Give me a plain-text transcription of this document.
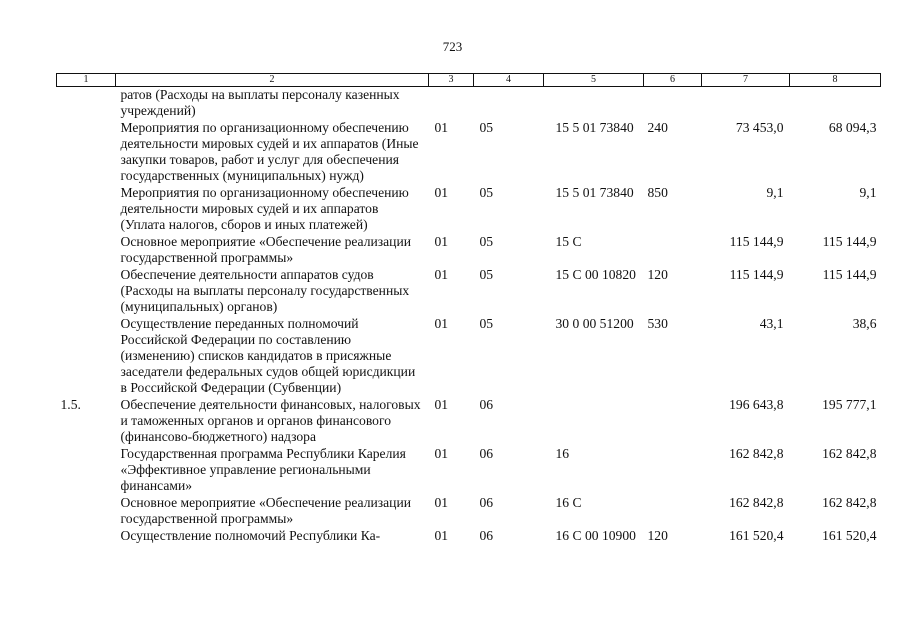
723
1	2	3	4	5	6	7	8
	ратов (Расходы на выплаты персоналу казенных учреждений)						
	Мероприятия по организационному обеспечению деятельности мировых судей и их аппаратов (Иные закупки товаров, работ и услуг для обеспечения государственных (муниципальных) нужд)	01	05	15 5 01 73840	240	73 453,0	68 094,3
	Мероприятия по организационному обеспечению деятельности мировых судей и их аппаратов (Уплата налогов, сборов и иных платежей)	01	05	15 5 01 73840	850	9,1	9,1
	Основное мероприятие «Обеспечение реализации государственной программы»	01	05	15 С		115 144,9	115 144,9
	Обеспечение деятельности аппаратов судов (Расходы на выплаты персоналу государственных (муниципальных) органов)	01	05	15 С 00 10820	120	115 144,9	115 144,9
	Осуществление переданных полномочий Российской Федерации по составлению (изменению) списков кандидатов в присяжные заседатели федеральных судов общей юрисдикции в Российской Федерации (Субвенции)	01	05	30 0 00 51200	530	43,1	38,6
1.5.	Обеспечение деятельности финансовых, налоговых и таможенных органов и органов финансового (финансово-бюджетного) надзора	01	06			196 643,8	195 777,1
	Государственная программа Республики Карелия «Эффективное управление региональными финансами»	01	06	16		162 842,8	162 842,8
	Основное мероприятие «Обеспечение реализации государственной программы»	01	06	16 С		162 842,8	162 842,8
	Осуществление полномочий Республики Ка-	01	06	16 С 00 10900	120	161 520,4	161 520,4
